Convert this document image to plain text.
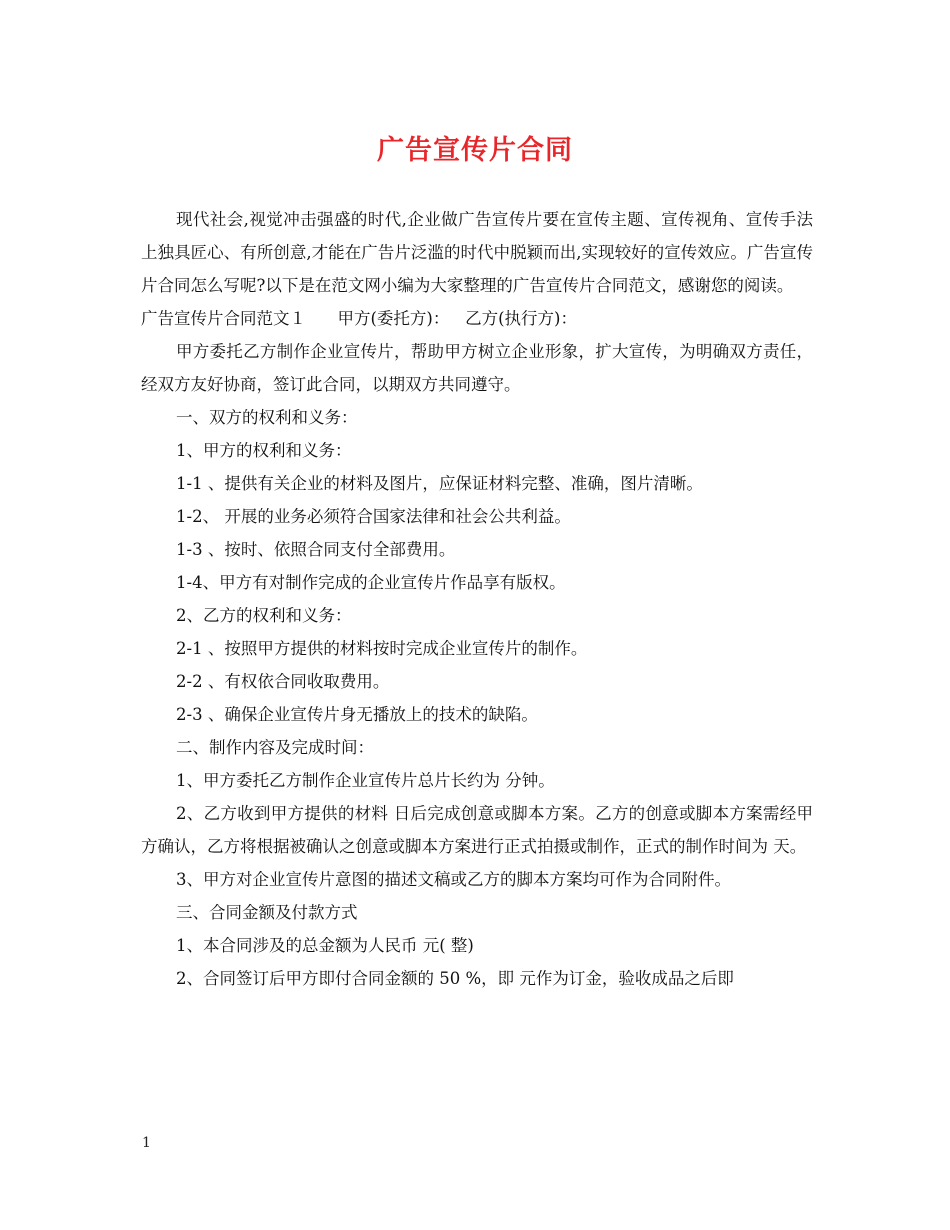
广告宣传片合同

现代社会,视觉冲击强盛的时代,企业做广告宣传片要在宣传主题、宣传视角、宣传手法上独具匠心、有所创意,才能在广告片泛滥的时代中脱颖而出,实现较好的宣传效应。广告宣传片合同怎么写呢?以下是在范文网小编为大家整理的广告宣传片合同范文，感谢您的阅读。

广告宣传片合同范文１      甲方(委托方)：   乙方(执行方)：

甲方委托乙方制作企业宣传片，帮助甲方树立企业形象，扩大宣传，为明确双方责任，经双方友好协商，签订此合同，以期双方共同遵守。

一、双方的权利和义务：

1、甲方的权利和义务：

1-1 、提供有关企业的材料及图片，应保证材料完整、准确，图片清晰。

1-2、 开展的业务必须符合国家法律和社会公共利益。

1-3 、按时、依照合同支付全部费用。

1-4、甲方有对制作完成的企业宣传片作品享有版权。

2、乙方的权利和义务：

2-1 、按照甲方提供的材料按时完成企业宣传片的制作。

2-2 、有权依合同收取费用。

2-3 、确保企业宣传片身无播放上的技术的缺陷。

二、制作内容及完成时间：

1、甲方委托乙方制作企业宣传片总片长约为 分钟。

2、乙方收到甲方提供的材料 日后完成创意或脚本方案。乙方的创意或脚本方案需经甲方确认，乙方将根据被确认之创意或脚本方案进行正式拍摄或制作，正式的制作时间为 天。

3、甲方对企业宣传片意图的描述文稿或乙方的脚本方案均可作为合同附件。

三、合同金额及付款方式

1、本合同涉及的总金额为人民币 元( 整)

2、合同签订后甲方即付合同金额的 50 %，即 元作为订金，验收成品之后即

1
